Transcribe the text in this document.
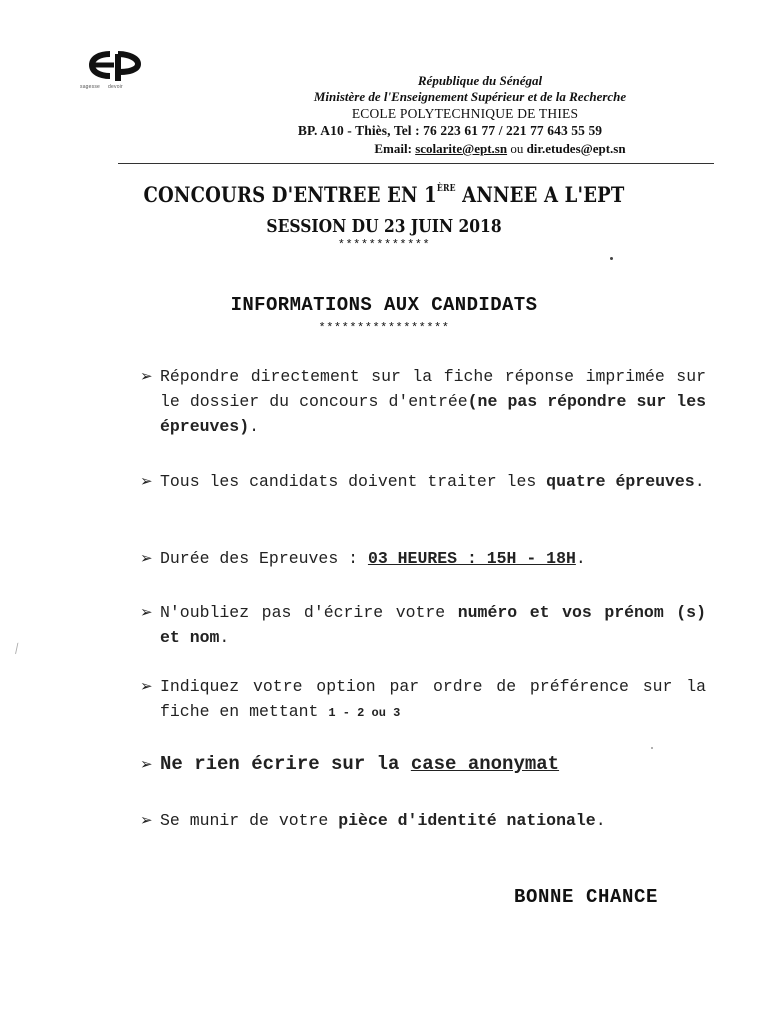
sagesse devoir	République du Sénégal
Ministère de l'Enseignement Supérieur et de la Recherche
ECOLE POLYTECHNIQUE DE THIES
BP. A10 - Thiès, Tel : 76 223 61 77 / 221 77 643 55 59
Email: scolarite@ept.sn ou dir.etudes@ept.sn
CONCOURS D'ENTREE EN 1ÈRE ANNEE A L'EPT
SESSION DU 23 JUIN 2018
************
INFORMATIONS AUX CANDIDATS
*****************
➢ Répondre directement sur la fiche réponse imprimée sur le dossier du concours d'entrée(ne pas répondre sur les épreuves).
➢ Tous les candidats doivent traiter les quatre épreuves.
➢ Durée des Epreuves : 03 HEURES : 15H - 18H.
➢ N'oubliez pas d'écrire votre numéro et vos prénom (s) et nom.
➢ Indiquez votre option par ordre de préférence sur la fiche en mettant 1 - 2 ou 3
➢ Ne rien écrire sur la case anonymat
➢ Se munir de votre pièce d'identité nationale.
BONNE CHANCE
∕
